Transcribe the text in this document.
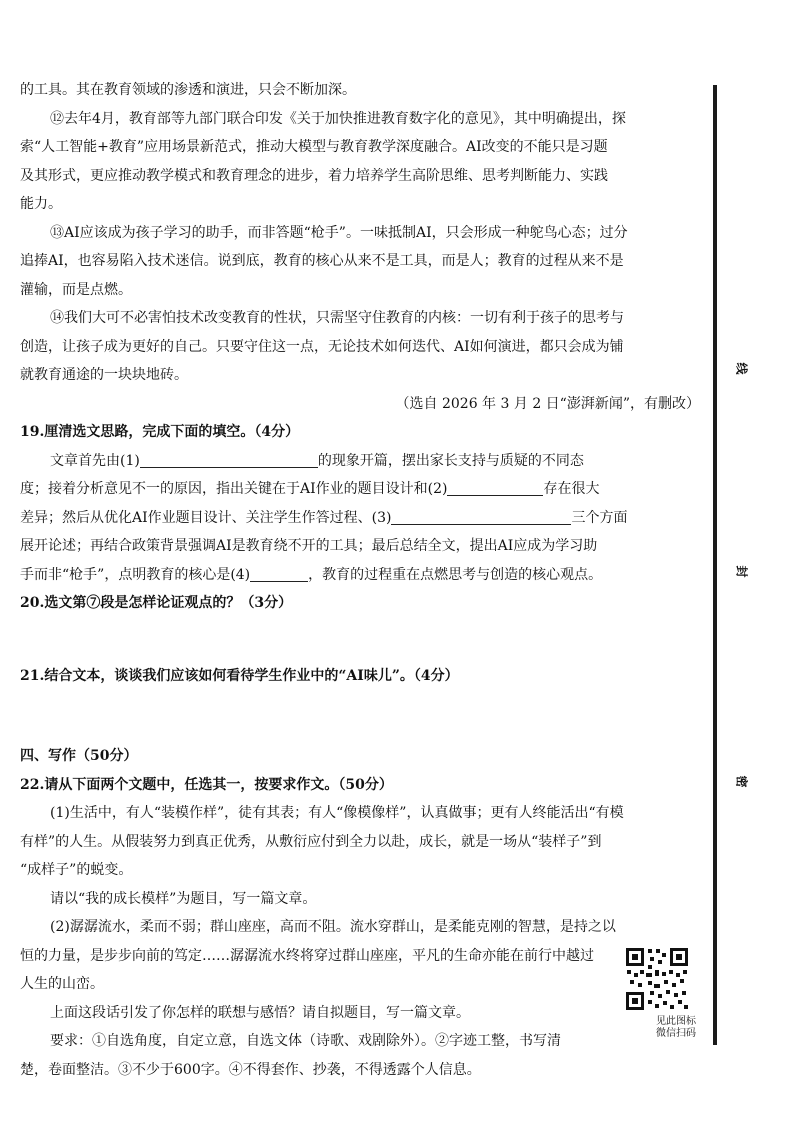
的工具。其在教育领域的渗透和演进，只会不断加深。
⑫去年4月，教育部等九部门联合印发《关于加快推进教育数字化的意见》，其中明确提出，探
索“人工智能+教育”应用场景新范式，推动大模型与教育教学深度融合。AI改变的不能只是习题
及其形式，更应推动教学模式和教育理念的进步，着力培养学生高阶思维、思考判断能力、实践
能力。
⑬AI应该成为孩子学习的助手，而非答题“枪手”。一味抵制AI，只会形成一种鸵鸟心态；过分
追捧AI，也容易陷入技术迷信。说到底，教育的核心从来不是工具，而是人；教育的过程从来不是
灌输，而是点燃。
⑭我们大可不必害怕技术改变教育的性状，只需坚守住教育的内核：一切有利于孩子的思考与
创造，让孩子成为更好的自己。只要守住这一点，无论技术如何迭代、AI如何演进，都只会成为铺
就教育通途的一块块地砖。
（选自 2026 年 3 月 2 日“澎湃新闻”，有删改）
19.厘清选文思路，完成下面的填空。（4分）
文章首先由(1)	的现象开篇，摆出家长支持与质疑的不同态
度；接着分析意见不一的原因，指出关键在于AI作业的题目设计和(2)	存在很大
差异；然后从优化AI作业题目设计、关注学生作答过程、(3)	三个方面
展开论述；再结合政策背景强调AI是教育绕不开的工具；最后总结全文，提出AI应成为学习助
手而非“枪手”，点明教育的核心是(4)	，教育的过程重在点燃思考与创造的核心观点。
20.选文第⑦段是怎样论证观点的？（3分）
21.结合文本，谈谈我们应该如何看待学生作业中的“AI味儿”。（4分）
四、写作（50分）
22.请从下面两个文题中，任选其一，按要求作文。（50分）
(1)生活中，有人“装模作样”，徒有其表；有人“像模像样”，认真做事；更有人终能活出“有模
有样”的人生。从假装努力到真正优秀，从敷衍应付到全力以赴，成长，就是一场从“装样子”到
“成样子”的蜕变。
请以“我的成长模样”为题目，写一篇文章。
(2)潺潺流水，柔而不弱；群山座座，高而不阻。流水穿群山，是柔能克刚的智慧，是持之以
恒的力量，是步步向前的笃定……潺潺流水终将穿过群山座座，平凡的生命亦能在前行中越过
人生的山峦。
上面这段话引发了你怎样的联想与感悟？请自拟题目，写一篇文章。
要求：①自选角度，自定立意，自选文体（诗歌、戏剧除外）。②字迹工整，书写清
楚，卷面整洁。③不少于600字。④不得套作、抄袭，不得透露个人信息。
线
封
密
见此图标
微信扫码
